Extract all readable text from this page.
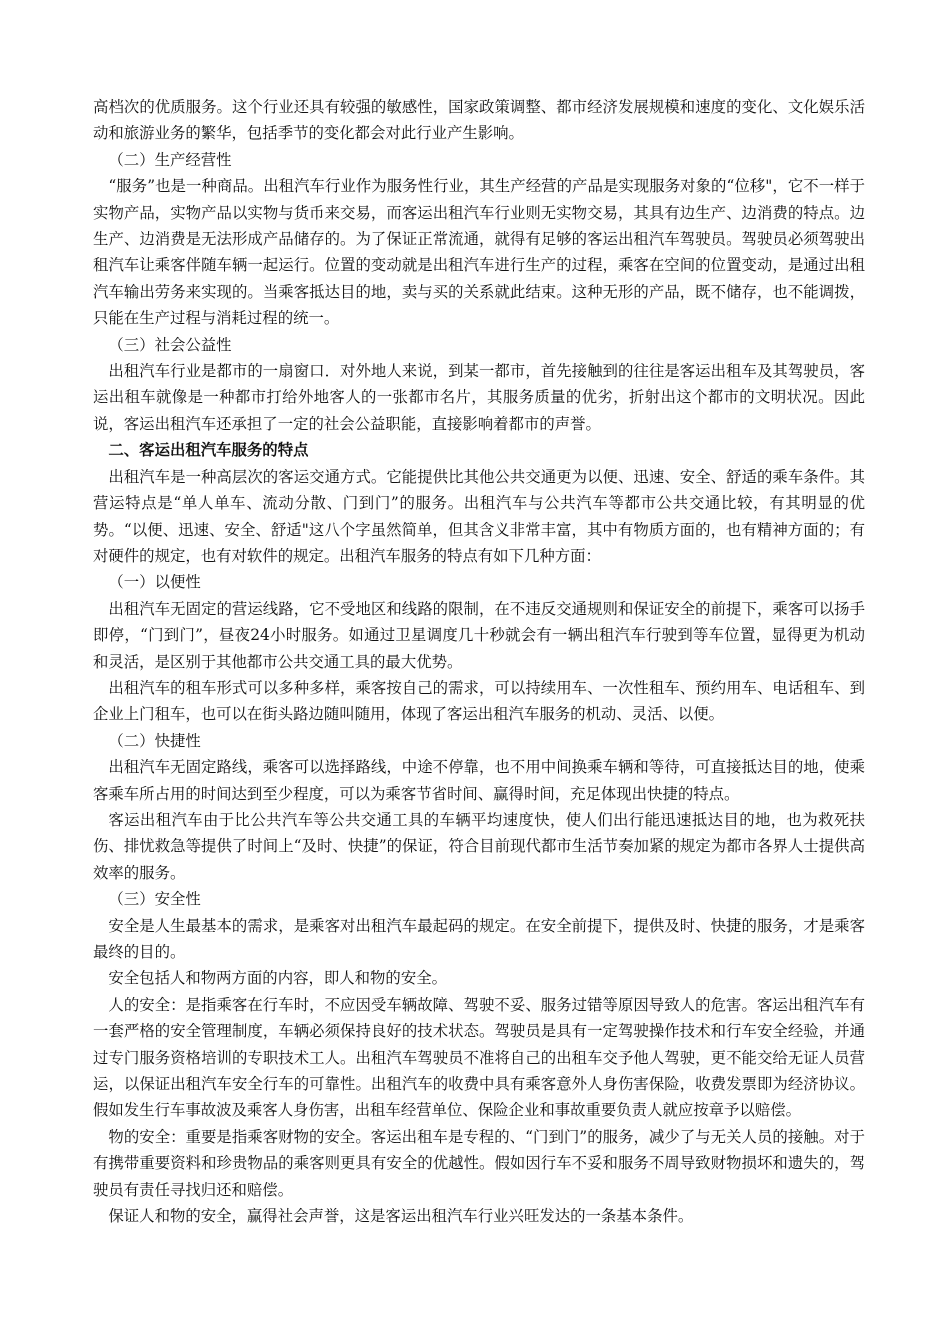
高档次的优质服务。这个行业还具有较强的敏感性，国家政策调整、都市经济发展规模和速度的变化、文化娱乐活动和旅游业务的繁华，包括季节的变化都会对此行业产生影响。

（二）生产经营性

“服务”也是一种商品。出租汽车行业作为服务性行业，其生产经营的产品是实现服务对象的“位移"，它不一样于实物产品，实物产品以实物与货币来交易，而客运出租汽车行业则无实物交易，其具有边生产、边消费的特点。边生产、边消费是无法形成产品储存的。为了保证正常流通，就得有足够的客运出租汽车驾驶员。驾驶员必须驾驶出租汽车让乘客伴随车辆一起运行。位置的变动就是出租汽车进行生产的过程，乘客在空间的位置变动，是通过出租汽车输出劳务来实现的。当乘客抵达目的地，卖与买的关系就此结束。这种无形的产品，既不储存，也不能调拨，只能在生产过程与消耗过程的统一。

（三）社会公益性

出租汽车行业是都市的一扇窗口．对外地人来说，到某一都市，首先接触到的往往是客运出租车及其驾驶员，客运出租车就像是一种都市打给外地客人的一张都市名片，其服务质量的优劣，折射出这个都市的文明状况。因此说，客运出租汽车还承担了一定的社会公益职能，直接影响着都市的声誉。

二、客运出租汽车服务的特点

出租汽车是一种高层次的客运交通方式。它能提供比其他公共交通更为以便、迅速、安全、舒适的乘车条件。其营运特点是“单人单车、流动分散、门到门”的服务。出租汽车与公共汽车等都市公共交通比较，有其明显的优势。“以便、迅速、安全、舒适"这八个字虽然简单，但其含义非常丰富，其中有物质方面的，也有精神方面的；有对硬件的规定，也有对软件的规定。出租汽车服务的特点有如下几种方面：

（一）以便性

出租汽车无固定的营运线路，它不受地区和线路的限制，在不违反交通规则和保证安全的前提下，乘客可以扬手即停，“门到门”，昼夜24小时服务。如通过卫星调度几十秒就会有一辆出租汽车行驶到等车位置，显得更为机动和灵活，是区别于其他都市公共交通工具的最大优势。

出租汽车的租车形式可以多种多样，乘客按自己的需求，可以持续用车、一次性租车、预约用车、电话租车、到企业上门租车，也可以在街头路边随叫随用，体现了客运出租汽车服务的机动、灵活、以便。

（二）快捷性

出租汽车无固定路线，乘客可以选择路线，中途不停靠，也不用中间换乘车辆和等待，可直接抵达目的地，使乘客乘车所占用的时间达到至少程度，可以为乘客节省时间、赢得时间，充足体现出快捷的特点。

客运出租汽车由于比公共汽车等公共交通工具的车辆平均速度快，使人们出行能迅速抵达目的地，也为救死扶伤、排忧救急等提供了时间上“及时、快捷”的保证，符合目前现代都市生活节奏加紧的规定为都市各界人士提供高效率的服务。

（三）安全性

安全是人生最基本的需求，是乘客对出租汽车最起码的规定。在安全前提下，提供及时、快捷的服务，才是乘客最终的目的。

安全包括人和物两方面的内容，即人和物的安全。

人的安全：是指乘客在行车时，不应因受车辆故障、驾驶不妥、服务过错等原因导致人的危害。客运出租汽车有一套严格的安全管理制度，车辆必须保持良好的技术状态。驾驶员是具有一定驾驶操作技术和行车安全经验，并通过专门服务资格培训的专职技术工人。出租汽车驾驶员不准将自己的出租车交予他人驾驶，更不能交给无证人员营运，以保证出租汽车安全行车的可靠性。出租汽车的收费中具有乘客意外人身伤害保险，收费发票即为经济协议。假如发生行车事故波及乘客人身伤害，出租车经营单位、保险企业和事故重要负责人就应按章予以赔偿。

物的安全：重要是指乘客财物的安全。客运出租车是专程的、“门到门”的服务，减少了与无关人员的接触。对于有携带重要资料和珍贵物品的乘客则更具有安全的优越性。假如因行车不妥和服务不周导致财物损坏和遗失的，驾驶员有责任寻找归还和赔偿。

保证人和物的安全，赢得社会声誉，这是客运出租汽车行业兴旺发达的一条基本条件。
